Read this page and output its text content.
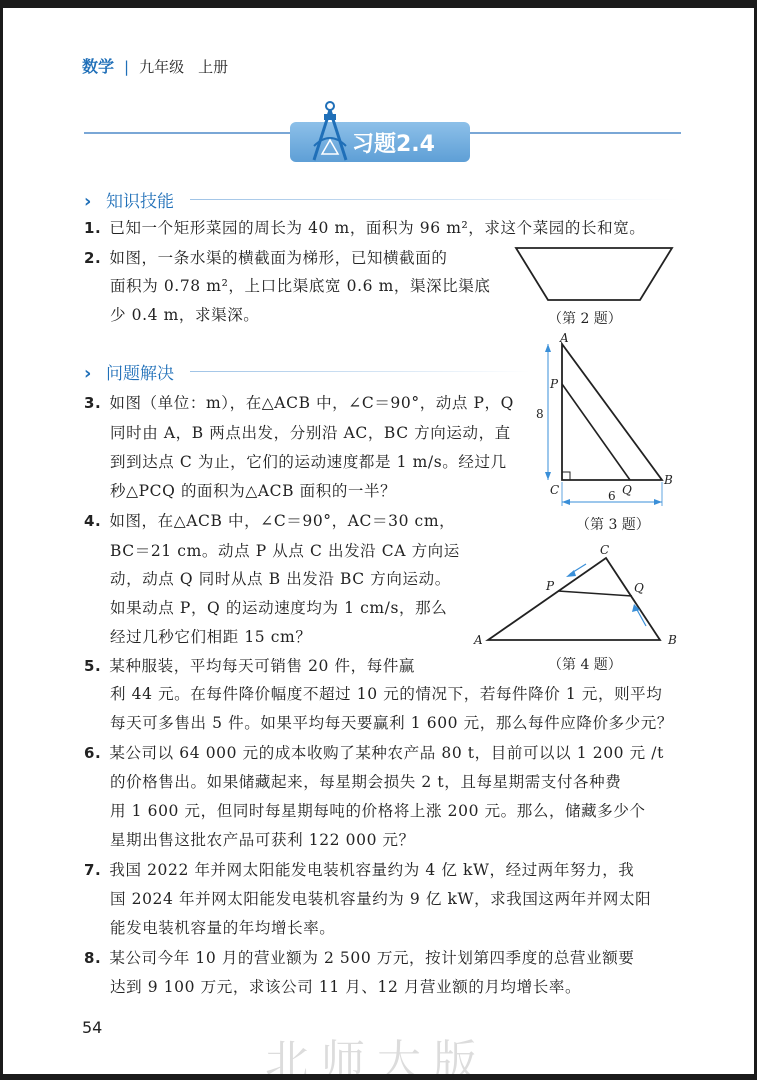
数学 | 九年级 上册
习题2.4
› 知识技能
1. 已知一个矩形菜园的周长为 40 m，面积为 96 m²，求这个菜园的长和宽。
2. 如图，一条水渠的横截面为梯形，已知横截面的
面积为 0.78 m²，上口比渠底宽 0.6 m，渠深比渠底
少 0.4 m，求渠深。	（第 2 题）
› 问题解决
3. 如图（单位：m），在△ACB 中，∠C＝90°，动点 P，Q
同时由 A，B 两点出发，分别沿 AC，BC 方向运动，直
到到达点 C 为止，它们的运动速度都是 1 m/s。经过几
秒△PCQ 的面积为△ACB 面积的一半？
A
P
C	Q
B
8
6
（第 3 题）
4. 如图，在△ACB 中，∠C＝90°，AC＝30 cm，
BC＝21 cm。动点 P 从点 C 出发沿 CA 方向运
动，动点 Q 同时从点 B 出发沿 BC 方向运动。
如果动点 P，Q 的运动速度均为 1 cm/s，那么
经过几秒它们相距 15 cm？
C
P	Q
A	B
（第 4 题）
5. 某种服装，平均每天可销售 20 件，每件赢
利 44 元。在每件降价幅度不超过 10 元的情况下，若每件降价 1 元，则平均
每天可多售出 5 件。如果平均每天要赢利 1 600 元，那么每件应降价多少元？
6. 某公司以 64 000 元的成本收购了某种农产品 80 t，目前可以以 1 200 元 /t
的价格售出。如果储藏起来，每星期会损失 2 t，且每星期需支付各种费
用 1 600 元，但同时每星期每吨的价格将上涨 200 元。那么，储藏多少个
星期出售这批农产品可获利 122 000 元？
7. 我国 2022 年并网太阳能发电装机容量约为 4 亿 kW，经过两年努力，我
国 2024 年并网太阳能发电装机容量约为 9 亿 kW，求我国这两年并网太阳
能发电装机容量的年均增长率。
8. 某公司今年 10 月的营业额为 2 500 万元，按计划第四季度的总营业额要
达到 9 100 万元，求该公司 11 月、12 月营业额的月均增长率。
54
北师大版
